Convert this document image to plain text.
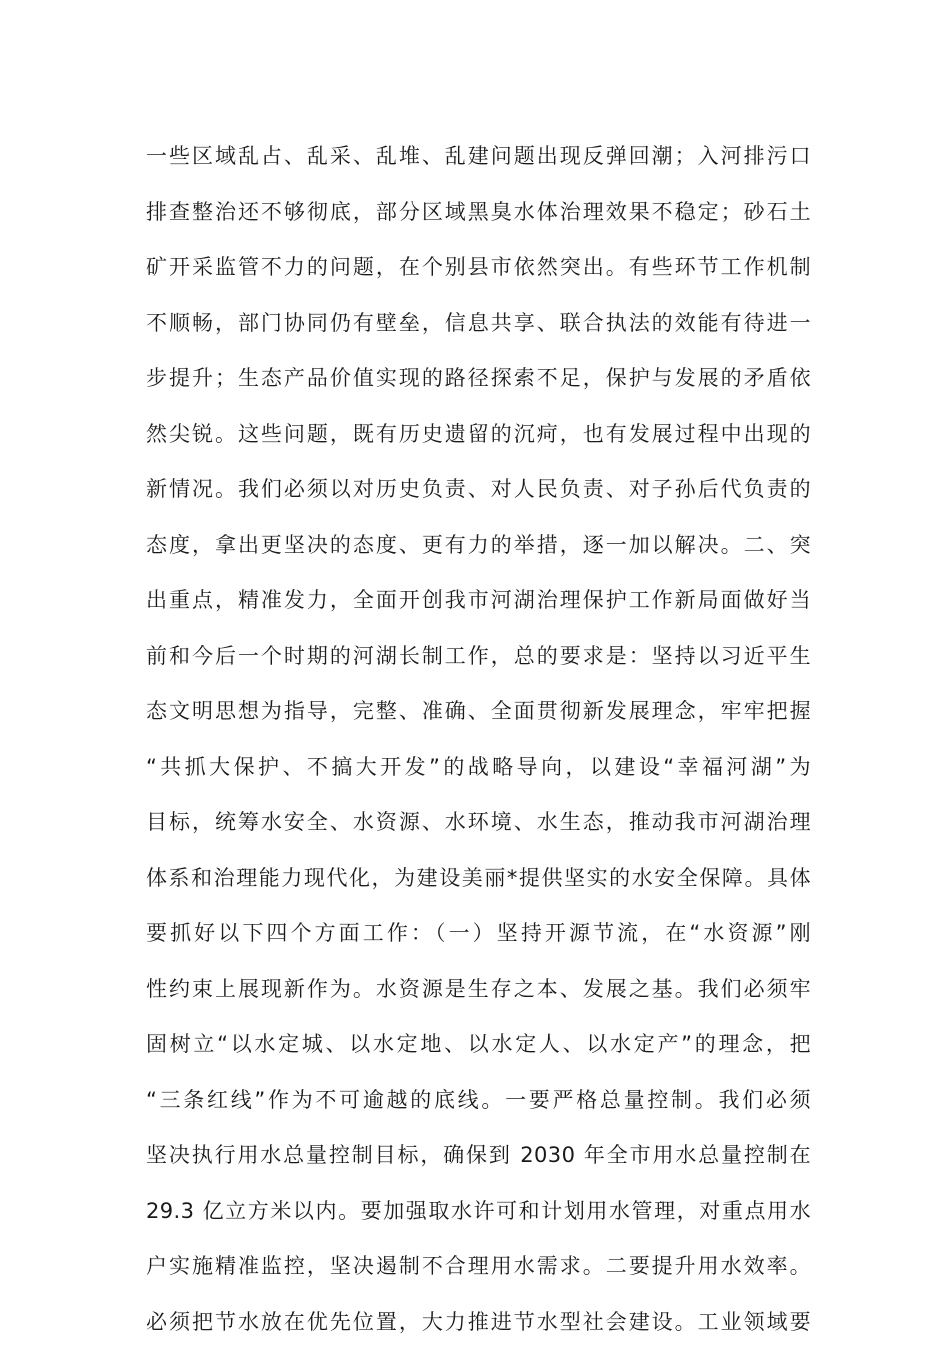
一些区域乱占、乱采、乱堆、乱建问题出现反弹回潮；入河排污口
排查整治还不够彻底，部分区域黑臭水体治理效果不稳定；砂石土
矿开采监管不力的问题，在个别县市依然突出。有些环节工作机制
不顺畅，部门协同仍有壁垒，信息共享、联合执法的效能有待进一
步提升；生态产品价值实现的路径探索不足，保护与发展的矛盾依
然尖锐。这些问题，既有历史遗留的沉疴，也有发展过程中出现的
新情况。我们必须以对历史负责、对人民负责、对子孙后代负责的
态度，拿出更坚决的态度、更有力的举措，逐一加以解决。二、突
出重点，精准发力，全面开创我市河湖治理保护工作新局面做好当
前和今后一个时期的河湖长制工作，总的要求是：坚持以习近平生
态文明思想为指导，完整、准确、全面贯彻新发展理念，牢牢把握
“共抓大保护、不搞大开发”的战略导向，以建设“幸福河湖”为
目标，统筹水安全、水资源、水环境、水生态，推动我市河湖治理
体系和治理能力现代化，为建设美丽*提供坚实的水安全保障。具体
要抓好以下四个方面工作：（一）坚持开源节流，在“水资源”刚
性约束上展现新作为。水资源是生存之本、发展之基。我们必须牢
固树立“以水定城、以水定地、以水定人、以水定产”的理念，把
“三条红线”作为不可逾越的底线。一要严格总量控制。我们必须
坚决执行用水总量控制目标，确保到 2030 年全市用水总量控制在
29.3 亿立方米以内。要加强取水许可和计划用水管理，对重点用水
户实施精准监控，坚决遏制不合理用水需求。二要提升用水效率。
必须把节水放在优先位置，大力推进节水型社会建设。工业领域要
